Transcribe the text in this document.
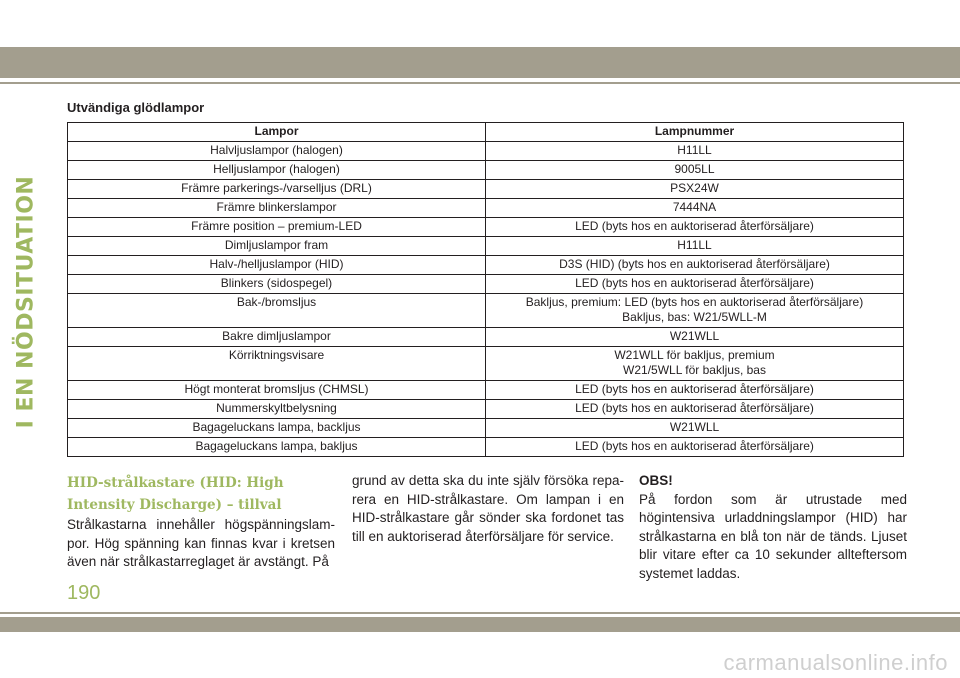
I EN NÖDSITUATION
Utvändiga glödlampor
Lampor	Lampnummer
Halvljuslampor (halogen)	H11LL

Helljuslampor (halogen)	9005LL

Främre parkerings-/varselljus (DRL)	PSX24W

Främre blinkerslampor	7444NA

Främre position – premium-LED	LED (byts hos en auktoriserad återförsäljare)

Dimljuslampor fram	H11LL

Halv-/helljuslampor (HID)	D3S (HID) (byts hos en auktoriserad återförsäljare)

Blinkers (sidospegel)	LED (byts hos en auktoriserad återförsäljare)

Bak-/bromsljus	Bakljus, premium: LED (byts hos en auktoriserad återförsäljare)
Bakljus, bas: W21/5WLL-M

Bakre dimljuslampor	W21WLL

Körriktningsvisare	W21WLL för bakljus, premium
W21/5WLL för bakljus, bas

Högt monterat bromsljus (CHMSL)	LED (byts hos en auktoriserad återförsäljare)

Nummerskyltbelysning	LED (byts hos en auktoriserad återförsäljare)

Bagageluckans lampa, backljus	W21WLL

Bagageluckans lampa, bakljus	LED (byts hos en auktoriserad återförsäljare)
HID-strålkastare (HID: High Intensity Discharge) – tillval
Strålkastarna innehåller högspänningslam-por. Hög spänning kan finnas kvar i kretsen även när strålkastarreglaget är avstängt. På
grund av detta ska du inte själv försöka repa-rera en HID-strålkastare. Om lampan i en HID-strålkastare går sönder ska fordonet tas till en auktoriserad återförsäljare för service.
OBS!
På fordon som är utrustade med högintensiva urladdningslampor (HID) har strålkastarna en blå ton när de tänds. Ljuset blir vitare efter ca 10 sekunder allteftersom systemet laddas.
190
carmanualsonline.info
